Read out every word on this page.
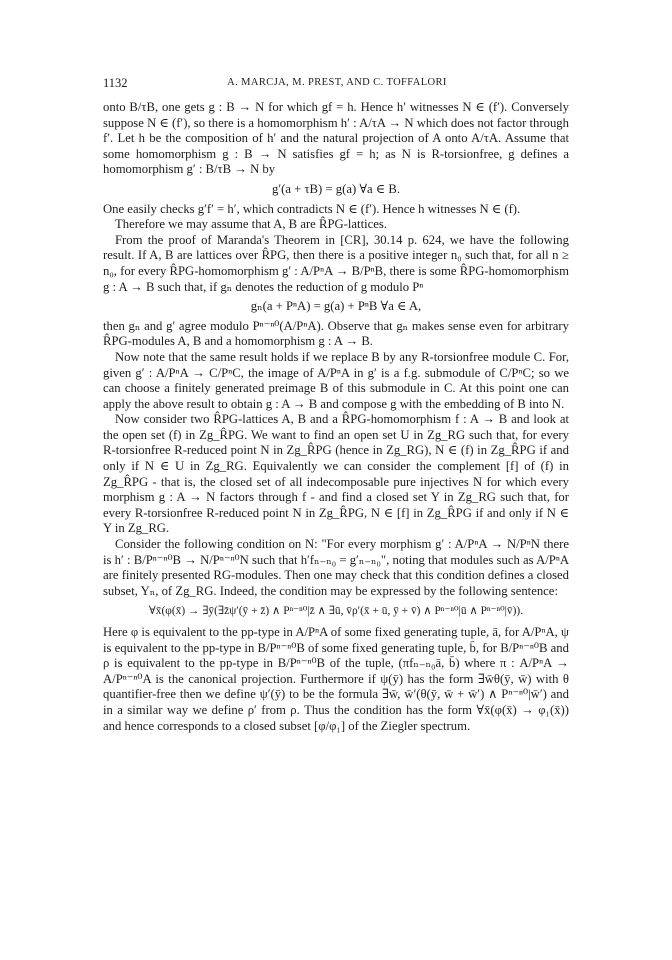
1132	A. MARCJA, M. PREST, AND C. TOFFALORI

onto B/τB, one gets g : B → N for which gf = h. Hence h′ witnesses N ∈ (f′). Conversely suppose N ∈ (f′), so there is a homomorphism h′ : A/τA → N which does not factor through f′. Let h be the composition of h′ and the natural projection of A onto A/τA. Assume that some homomorphism g : B → N satisfies gf = h; as N is R-torsionfree, g defines a homomorphism g′ : B/τB → N by

g′(a + τB) = g(a) ∀a ∈ B.

One easily checks g′f′ = h′, which contradicts N ∈ (f′). Hence h witnesses N ∈ (f).

Therefore we may assume that A, B are R̂PG-lattices.

From the proof of Maranda's Theorem in [CR], 30.14 p. 624, we have the following result. If A, B are lattices over R̂PG, then there is a positive integer n₀ such that, for all n ≥ n₀, for every R̂PG-homomorphism g′ : A/PⁿA → B/PⁿB, there is some R̂PG-homomorphism g : A → B such that, if gₙ denotes the reduction of g modulo Pⁿ

gₙ(a + PⁿA) = g(a) + PⁿB ∀a ∈ A,

then gₙ and g′ agree modulo Pⁿ⁻ⁿ⁰(A/PⁿA). Observe that gₙ makes sense even for arbitrary R̂PG-modules A, B and a homomorphism g : A → B.

Now note that the same result holds if we replace B by any R-torsionfree module C. For, given g′ : A/PⁿA → C/PⁿC, the image of A/PⁿA in g′ is a f.g. submodule of C/PⁿC; so we can choose a finitely generated preimage B of this submodule in C. At this point one can apply the above result to obtain g : A → B and compose g with the embedding of B into N.

Now consider two R̂PG-lattices A, B and a R̂PG-homomorphism f : A → B and look at the open set (f) in Zg_R̂PG. We want to find an open set U in Zg_RG such that, for every R-torsionfree R-reduced point N in Zg_R̂PG (hence in Zg_RG), N ∈ (f) in Zg_R̂PG if and only if N ∈ U in Zg_RG. Equivalently we can consider the complement [f] of (f) in Zg_R̂PG - that is, the closed set of all indecomposable pure injectives N for which every morphism g : A → N factors through f - and find a closed set Y in Zg_RG such that, for every R-torsionfree R-reduced point N in Zg_R̂PG, N ∈ [f] in Zg_R̂PG if and only if N ∈ Y in Zg_RG.

Consider the following condition on N: "For every morphism g′ : A/PⁿA → N/PⁿN there is h′ : B/Pⁿ⁻ⁿ⁰B → N/Pⁿ⁻ⁿ⁰N such that h′fₙ₋ₙ₀ = g′ₙ₋ₙ₀", noting that modules such as A/PⁿA are finitely presented RG-modules. Then one may check that this condition defines a closed subset, Yₙ, of Zg_RG. Indeed, the condition may be expressed by the following sentence:

∀x̄(φ(x̄) → ∃ȳ(∃z̄ψ′(ȳ + z̄) ∧ Pⁿ⁻ⁿ⁰|z̄ ∧ ∃ū, v̄ρ′(x̄ + ū, ȳ + v̄) ∧ Pⁿ⁻ⁿ⁰|ū ∧ Pⁿ⁻ⁿ⁰|v̄)).

Here φ is equivalent to the pp-type in A/PⁿA of some fixed generating tuple, ā, for A/PⁿA, ψ is equivalent to the pp-type in B/Pⁿ⁻ⁿ⁰B of some fixed generating tuple, b̄, for B/Pⁿ⁻ⁿ⁰B and ρ is equivalent to the pp-type in B/Pⁿ⁻ⁿ⁰B of the tuple, (πfₙ₋ₙ₀ā, b̄) where π : A/PⁿA → A/Pⁿ⁻ⁿ⁰A is the canonical projection. Furthermore if ψ(ȳ) has the form ∃w̄θ(ȳ, w̄) with θ quantifier-free then we define ψ′(ȳ) to be the formula ∃w̄, w̄′(θ(ȳ, w̄ + w̄′) ∧ Pⁿ⁻ⁿ⁰|w̄′) and in a similar way we define ρ′ from ρ. Thus the condition has the form ∀x̄(φ(x̄) → φ₁(x̄)) and hence corresponds to a closed subset [φ/φ₁] of the Ziegler spectrum.
